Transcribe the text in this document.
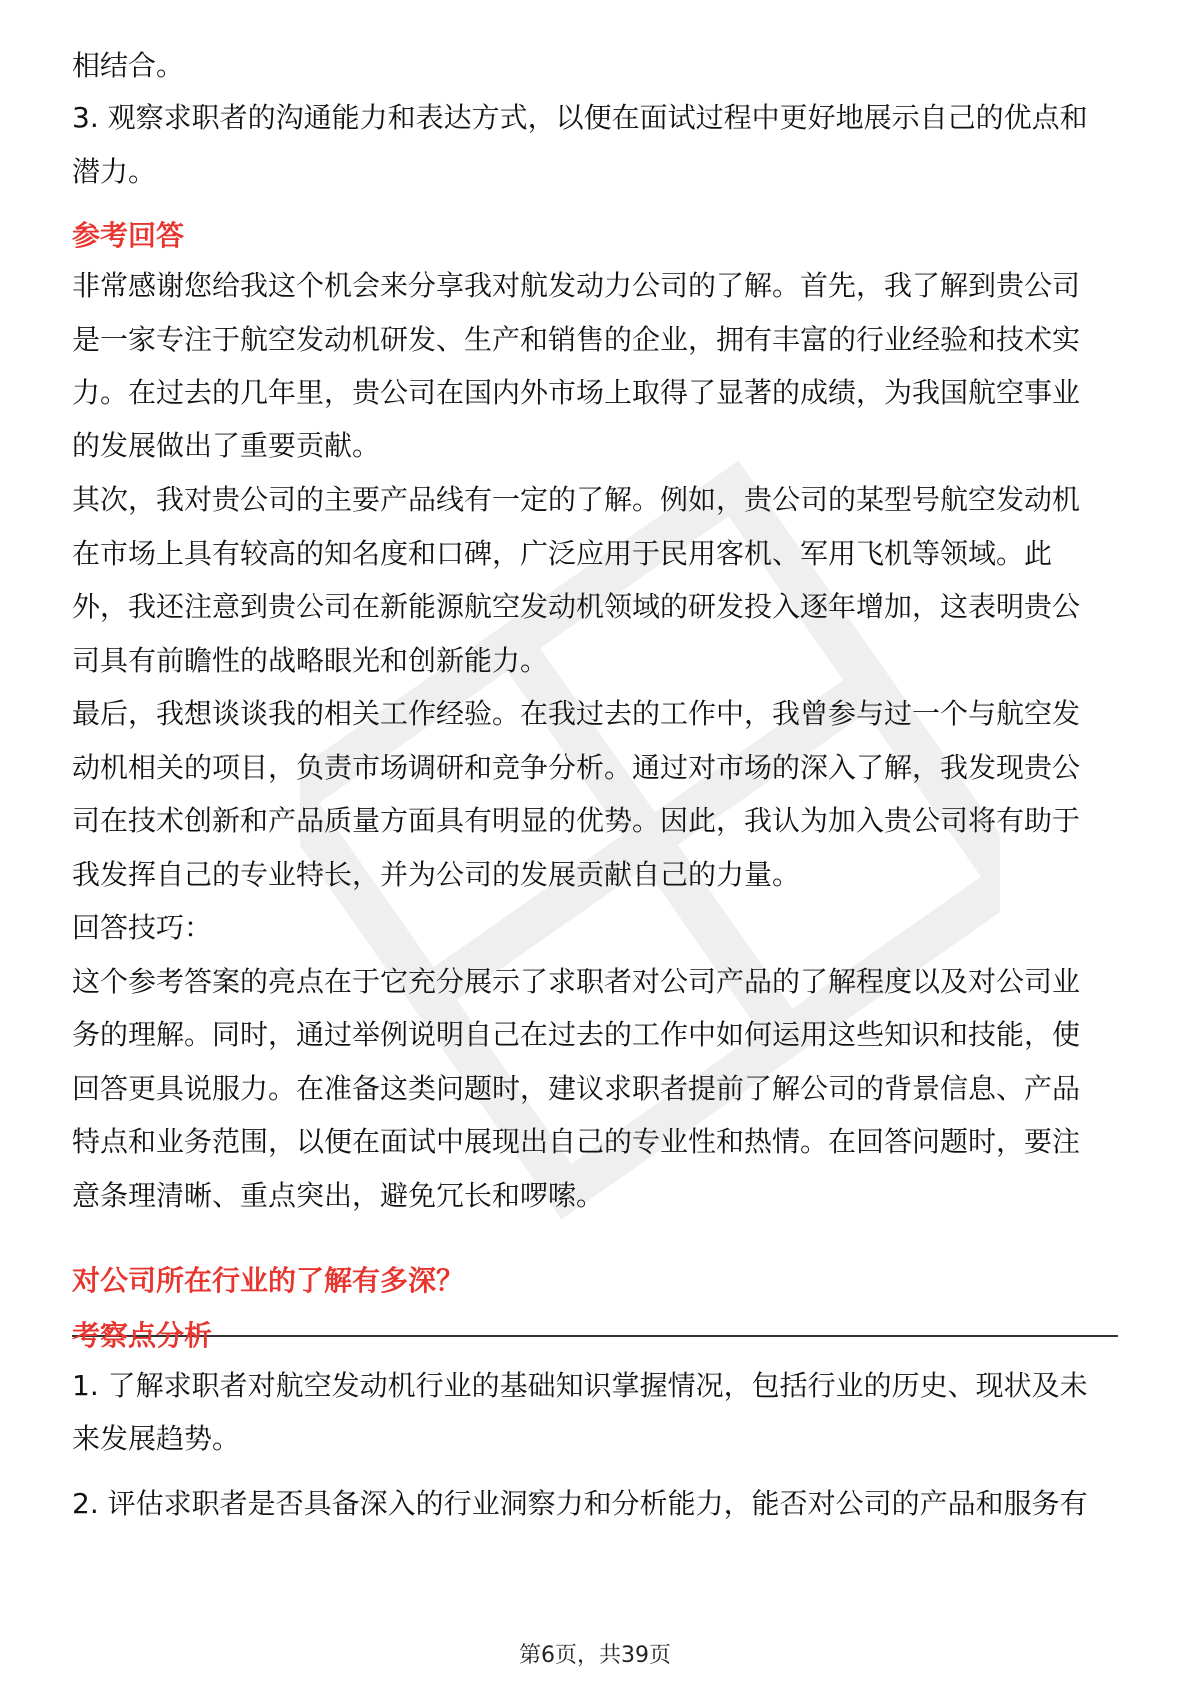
相结合。
3. 观察求职者的沟通能力和表达方式，以便在面试过程中更好地展示自己的优点和
潜力。
参考回答
非常感谢您给我这个机会来分享我对航发动力公司的了解。首先，我了解到贵公司
是一家专注于航空发动机研发、生产和销售的企业，拥有丰富的行业经验和技术实
力。在过去的几年里，贵公司在国内外市场上取得了显著的成绩，为我国航空事业
的发展做出了重要贡献。
其次，我对贵公司的主要产品线有一定的了解。例如，贵公司的某型号航空发动机
在市场上具有较高的知名度和口碑，广泛应用于民用客机、军用飞机等领域。此
外，我还注意到贵公司在新能源航空发动机领域的研发投入逐年增加，这表明贵公
司具有前瞻性的战略眼光和创新能力。
最后，我想谈谈我的相关工作经验。在我过去的工作中，我曾参与过一个与航空发
动机相关的项目，负责市场调研和竞争分析。通过对市场的深入了解，我发现贵公
司在技术创新和产品质量方面具有明显的优势。因此，我认为加入贵公司将有助于
我发挥自己的专业特长，并为公司的发展贡献自己的力量。
回答技巧：
这个参考答案的亮点在于它充分展示了求职者对公司产品的了解程度以及对公司业
务的理解。同时，通过举例说明自己在过去的工作中如何运用这些知识和技能，使
回答更具说服力。在准备这类问题时，建议求职者提前了解公司的背景信息、产品
特点和业务范围，以便在面试中展现出自己的专业性和热情。在回答问题时，要注
意条理清晰、重点突出，避免冗长和啰嗦。
对公司所在行业的了解有多深？
考察点分析
1. 了解求职者对航空发动机行业的基础知识掌握情况，包括行业的历史、现状及未
来发展趋势。
2. 评估求职者是否具备深入的行业洞察力和分析能力，能否对公司的产品和服务有
第6页，共39页
